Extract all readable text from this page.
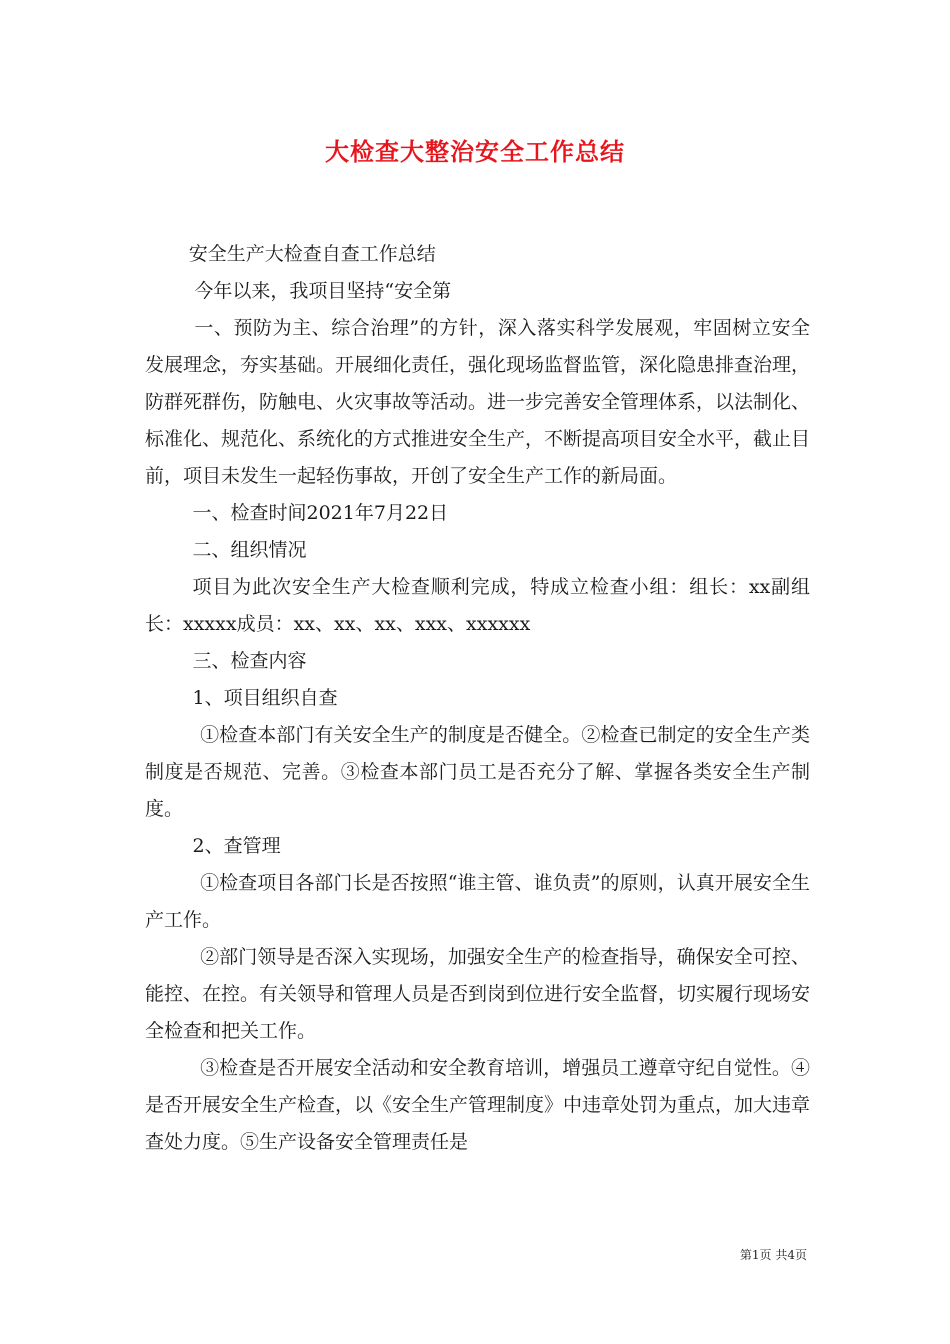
大检查大整治安全工作总结

安全生产大检查自查工作总结

今年以来，我项目坚持“安全第

一、预防为主、综合治理”的方针，深入落实科学发展观，牢固树立安全发展理念，夯实基础。开展细化责任，强化现场监督监管，深化隐患排查治理，防群死群伤，防触电、火灾事故等活动。进一步完善安全管理体系，以法制化、标准化、规范化、系统化的方式推进安全生产，不断提高项目安全水平，截止目前，项目未发生一起轻伤事故，开创了安全生产工作的新局面。

一、检查时间2021年7月22日

二、组织情况

项目为此次安全生产大检查顺利完成，特成立检查小组：组长：xx副组长：xxxxx成员：xx、xx、xx、xxx、xxxxxx

三、检查内容

1、项目组织自查

①检查本部门有关安全生产的制度是否健全。②检查已制定的安全生产类制度是否规范、完善。③检查本部门员工是否充分了解、掌握各类安全生产制度。

2、查管理

①检查项目各部门长是否按照“谁主管、谁负责”的原则，认真开展安全生产工作。

②部门领导是否深入实现场，加强安全生产的检查指导，确保安全可控、能控、在控。有关领导和管理人员是否到岗到位进行安全监督，切实履行现场安全检查和把关工作。

③检查是否开展安全活动和安全教育培训，增强员工遵章守纪自觉性。④是否开展安全生产检查，以《安全生产管理制度》中违章处罚为重点，加大违章查处力度。⑤生产设备安全管理责任是

第1页 共4页
